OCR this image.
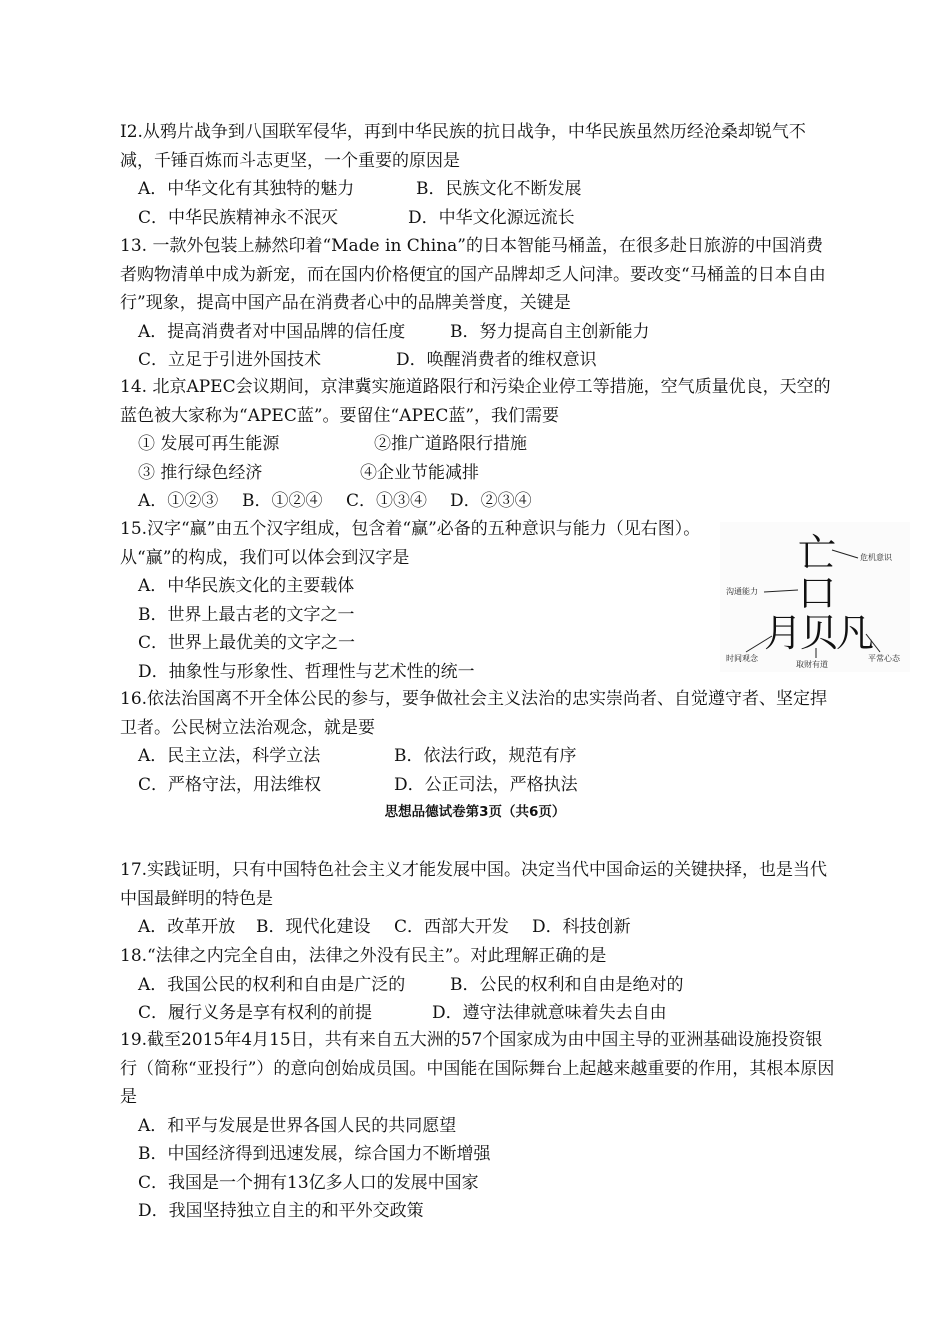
I2.从鸦片战争到八国联军侵华，再到中华民族的抗日战争，中华民族虽然历经沧桑却锐气不减，千锤百炼而斗志更坚，一个重要的原因是
A．中华文化有其独特的魅力	B．民族文化不断发展
C．中华民族精神永不泯灭	D．中华文化源远流长
13. 一款外包装上赫然印着“Made in China”的日本智能马桶盖，在很多赴日旅游的中国消费者购物清单中成为新宠，而在国内价格便宜的国产品牌却乏人问津。要改变“马桶盖的日本自由行”现象，提高中国产品在消费者心中的品牌美誉度，关键是
A．提高消费者对中国品牌的信任度	B．努力提高自主创新能力
C．立足于引进外国技术	D．唤醒消费者的维权意识
14. 北京APEC会议期间，京津冀实施道路限行和污染企业停工等措施，空气质量优良，天空的蓝色被大家称为“APEC蓝”。要留住“APEC蓝”，我们需要
① 发展可再生能源	②推广道路限行措施
③ 推行绿色经济	④企业节能减排
A．①②③ B．①②④ C．①③④ D．②③④
15.汉字“赢”由五个汉字组成，包含着“赢”必备的五种意识与能力（见右图）。从“赢”的构成，我们可以体会到汉字是
A．中华民族文化的主要载体
B．世界上最古老的文字之一
C．世界上最优美的文字之一
D．抽象性与形象性、哲理性与艺术性的统一
亡
口
月
贝
凡
危机意识
沟通能力
时间观念
取财有道
平常心态
16.依法治国离不开全体公民的参与，要争做社会主义法治的忠实崇尚者、自觉遵守者、坚定捍卫者。公民树立法治观念，就是要
A．民主立法，科学立法	B．依法行政，规范有序
C．严格守法，用法维权	D．公正司法，严格执法
思想品德试卷第3页（共6页）
17.实践证明，只有中国特色社会主义才能发展中国。决定当代中国命运的关键抉择，也是当代中国最鲜明的特色是
A．改革开放 B．现代化建设 C．西部大开发 D．科技创新
18.“法律之内完全自由，法律之外没有民主”。对此理解正确的是
A．我国公民的权利和自由是广泛的	B．公民的权利和自由是绝对的
C．履行义务是享有权利的前提	D．遵守法律就意味着失去自由
19.截至2015年4月15日，共有来自五大洲的57个国家成为由中国主导的亚洲基础设施投资银行（简称“亚投行”）的意向创始成员国。中国能在国际舞台上起越来越重要的作用，其根本原因是
A．和平与发展是世界各国人民的共同愿望
B．中国经济得到迅速发展，综合国力不断增强
C．我国是一个拥有13亿多人口的发展中国家
D．我国坚持独立自主的和平外交政策
